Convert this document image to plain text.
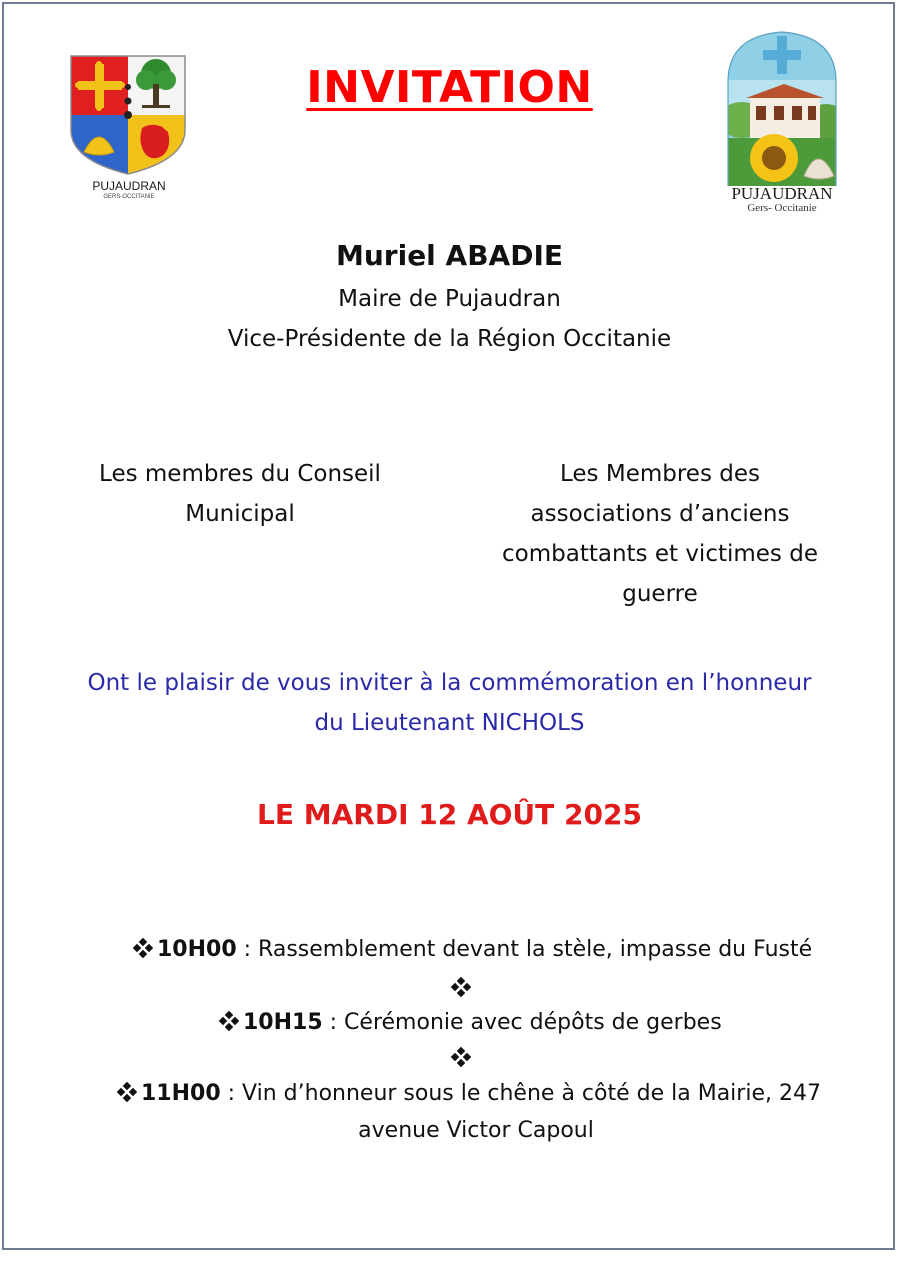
PUJAUDRAN
GERS-OCCITANIE
INVITATION
PUJAUDRAN
Gers- Occitanie
Muriel ABADIE
Maire de Pujaudran
Vice-Présidente de la Région Occitanie
Les membres du Conseil
Municipal
Les Membres des
associations d’anciens
combattants et victimes de
guerre
Ont le plaisir de vous inviter à la commémoration en l’honneur
du Lieutenant NICHOLS
LE MARDI 12 AOÛT 2025
10H00 : Rassemblement devant la stèle, impasse du Fusté
10H15 : Cérémonie avec dépôts de gerbes
11H00 : Vin d’honneur sous le chêne à côté de la Mairie, 247
avenue Victor Capoul
